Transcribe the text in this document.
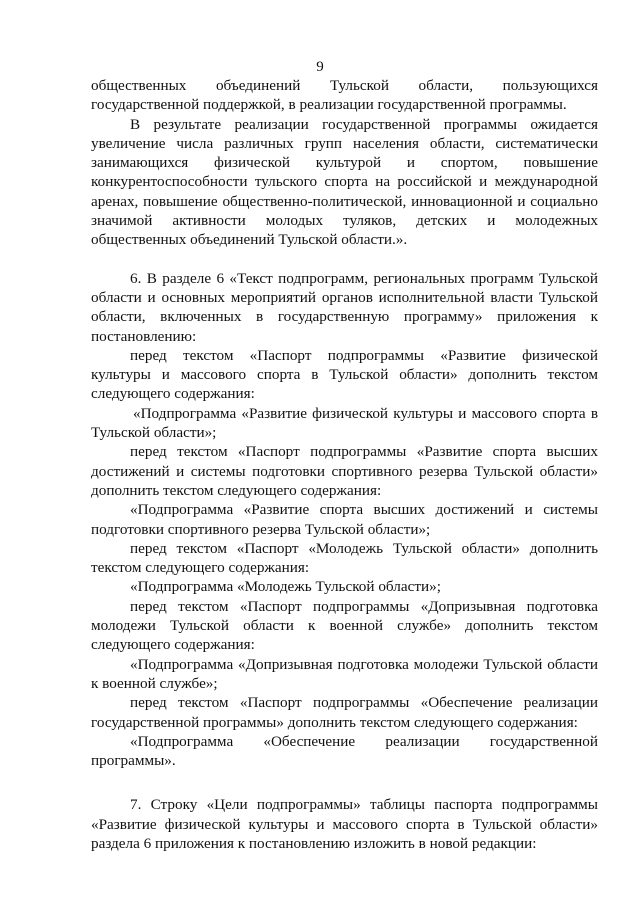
9

общественных объединений Тульской области, пользующихся государственной поддержкой, в реализации государственной программы.

В результате реализации государственной программы ожидается увеличение числа различных групп населения области, систематически занимающихся физической культурой и спортом, повышение конкурентоспособности тульского спорта на российской и международной аренах, повышение общественно-политической, инновационной и социально значимой активности молодых туляков, детских и молодежных общественных объединений Тульской области.».

6. В разделе 6 «Текст подпрограмм, региональных программ Тульской области и основных мероприятий органов исполнительной власти Тульской области, включенных в государственную программу» приложения к постановлению:

перед текстом «Паспорт подпрограммы «Развитие физической культуры и массового спорта в Тульской области» дополнить текстом следующего содержания:

«Подпрограмма «Развитие физической культуры и массового спорта в Тульской области»;

перед текстом «Паспорт подпрограммы «Развитие спорта высших достижений и системы подготовки спортивного резерва Тульской области» дополнить текстом следующего содержания:

«Подпрограмма «Развитие спорта высших достижений и системы подготовки спортивного резерва Тульской области»;

перед текстом «Паспорт «Молодежь Тульской области» дополнить текстом следующего содержания:

«Подпрограмма «Молодежь Тульской области»;

перед текстом «Паспорт подпрограммы «Допризывная подготовка молодежи Тульской области к военной службе» дополнить текстом следующего содержания:

«Подпрограмма «Допризывная подготовка молодежи Тульской области к военной службе»;

перед текстом «Паспорт подпрограммы «Обеспечение реализации государственной программы» дополнить текстом следующего содержания:

«Подпрограмма «Обеспечение реализации государственной программы».

7. Строку «Цели подпрограммы» таблицы паспорта подпрограммы «Развитие физической культуры и массового спорта в Тульской области» раздела 6 приложения к постановлению изложить в новой редакции:
